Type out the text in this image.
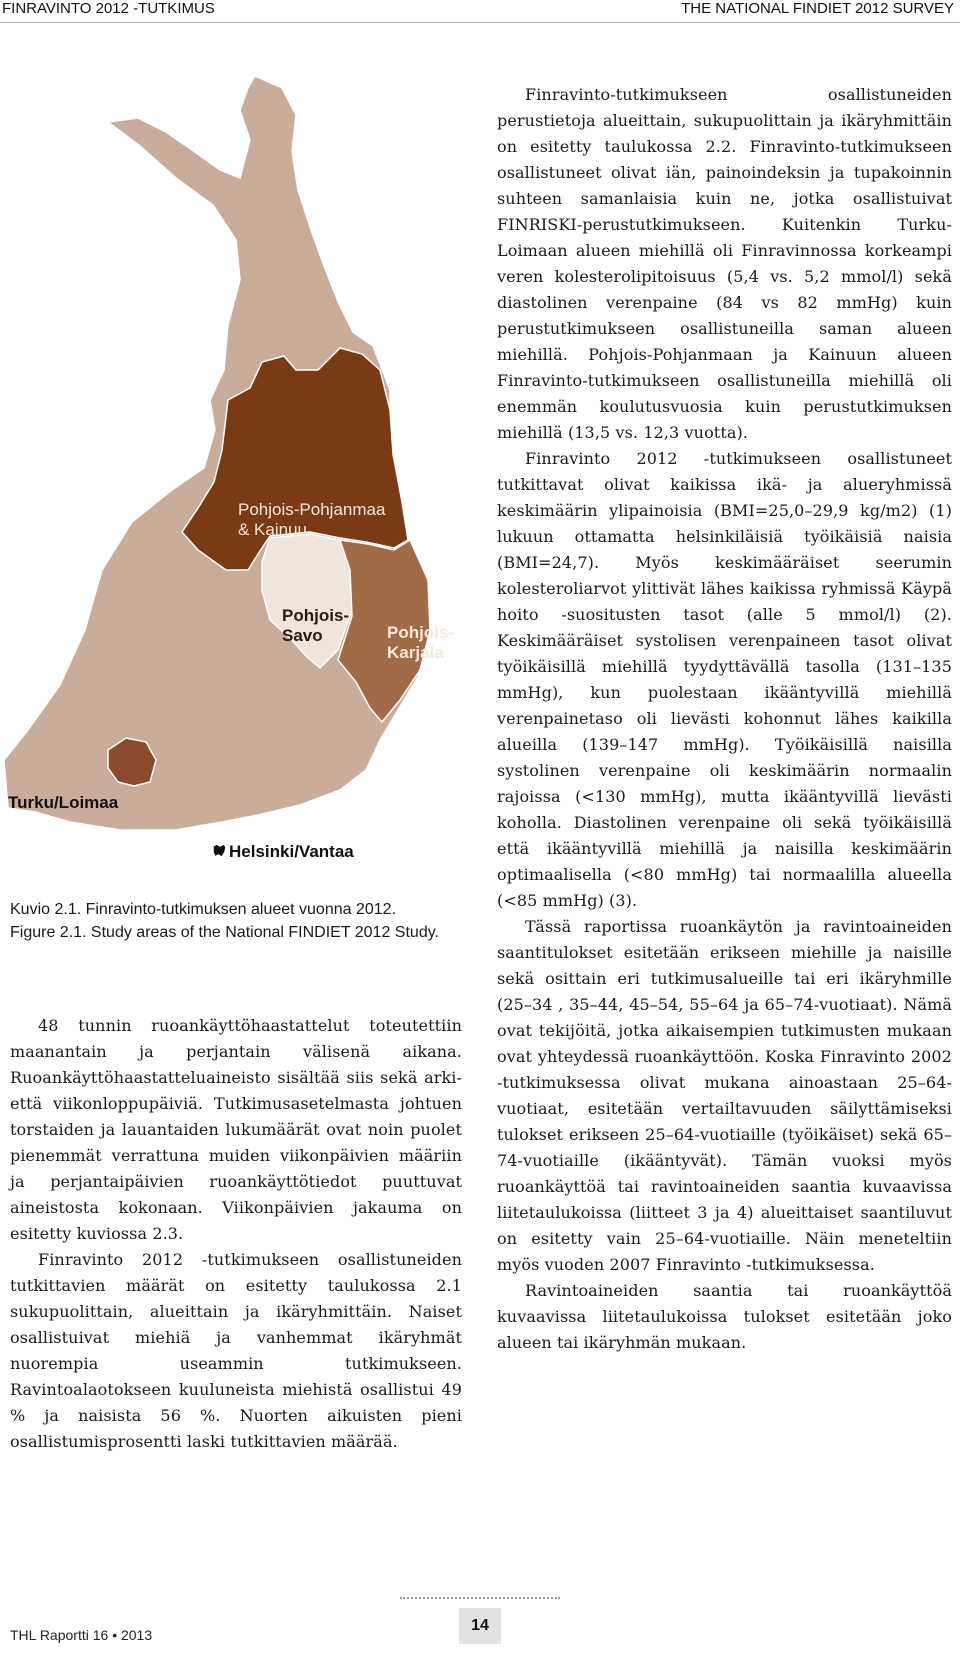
FINRAVINTO 2012 -TUTKIMUS	THE NATIONAL FINDIET 2012 SURVEY
Pohjois-Pohjanmaa
& Kainuu
Pohjois-
Savo	Pohjois-
Karjala
Turku/Loimaa
Helsinki/Vantaa

Kuvio 2.1. Finravinto-tutkimuksen alueet vuonna 2012.

Figure 2.1. Study areas of the National FINDIET 2012 Study.

48 tunnin ruoankäyttöhaastattelut toteutettiin maanantain ja perjantain välisenä aikana. Ruoankäyttöhaastatteluaineisto sisältää siis sekä arki- että viikonloppupäiviä. Tutkimusasetelmasta johtuen torstaiden ja lauantaiden lukumäärät ovat noin puolet pienemmät verrattuna muiden viikonpäivien määriin ja perjantaipäivien ruoankäyttötiedot puuttuvat aineistosta kokonaan. Viikonpäivien jakauma on esitetty kuviossa 2.3.

Finravinto 2012 -tutkimukseen osallistuneiden tutkittavien määrät on esitetty taulukossa 2.1 sukupuolittain, alueittain ja ikäryhmittäin. Naiset osallistuivat miehiä ja vanhemmat ikäryhmät nuorempia useammin tutkimukseen. Ravintoalaotokseen kuuluneista miehistä osallistui 49 % ja naisista 56 %. Nuorten aikuisten pieni osallistumisprosentti laski tutkittavien määrää.

Finravinto-tutkimukseen osallistuneiden perustietoja alueittain, sukupuolittain ja ikäryhmittäin on esitetty taulukossa 2.2. Finravinto-tutkimukseen osallistuneet olivat iän, painoindeksin ja tupakoinnin suhteen samanlaisia kuin ne, jotka osallistuivat FINRISKI-perustutkimukseen. Kuitenkin Turku-Loimaan alueen miehillä oli Finravinnossa korkeampi veren kolesterolipitoisuus (5,4 vs. 5,2 mmol/l) sekä diastolinen verenpaine (84 vs 82 mmHg) kuin perustutkimukseen osallistuneilla saman alueen miehillä. Pohjois-Pohjanmaan ja Kainuun alueen Finravinto-tutkimukseen osallistuneilla miehillä oli enemmän koulutusvuosia kuin perustutkimuksen miehillä (13,5 vs. 12,3 vuotta).

Finravinto 2012 -tutkimukseen osallistuneet tutkittavat olivat kaikissa ikä- ja alueryhmissä keskimäärin ylipainoisia (BMI=25,0–29,9 kg/m2) (1) lukuun ottamatta helsinkiläisiä työikäisiä naisia (BMI=24,7). Myös keskimääräiset seerumin kolesteroliarvot ylittivät lähes kaikissa ryhmissä Käypä hoito -suositusten tasot (alle 5 mmol/l) (2). Keskimääräiset systolisen verenpaineen tasot olivat työikäisillä miehillä tyydyttävällä tasolla (131–135 mmHg), kun puolestaan ikääntyvillä miehillä verenpainetaso oli lievästi kohonnut lähes kaikilla alueilla (139–147 mmHg). Työikäisillä naisilla systolinen verenpaine oli keskimäärin normaalin rajoissa (<130 mmHg), mutta ikääntyvillä lievästi koholla. Diastolinen verenpaine oli sekä työikäisillä että ikääntyvillä miehillä ja naisilla keskimäärin optimaalisella (<80 mmHg) tai normaalilla alueella (<85 mmHg) (3).

Tässä raportissa ruoankäytön ja ravintoaineiden saantitulokset esitetään erikseen miehille ja naisille sekä osittain eri tutkimusalueille tai eri ikäryhmille (25–34 , 35–44, 45–54, 55–64 ja 65–74-vuotiaat). Nämä ovat tekijöitä, jotka aikaisempien tutkimusten mukaan ovat yhteydessä ruoankäyttöön. Koska Finravinto 2002 -tutkimuksessa olivat mukana ainoastaan 25–64-vuotiaat, esitetään vertailtavuuden säilyttämiseksi tulokset erikseen 25–64-vuotiaille (työikäiset) sekä 65–74-vuotiaille (ikääntyvät). Tämän vuoksi myös ruoankäyttöä tai ravintoaineiden saantia kuvaavissa liitetaulukoissa (liitteet 3 ja 4) alueittaiset saantiluvut on esitetty vain 25–64-vuotiaille. Näin meneteltiin myös vuoden 2007 Finravinto -tutkimuksessa.

Ravintoaineiden saantia tai ruoankäyttöä kuvaavissa liitetaulukoissa tulokset esitetään joko alueen tai ikäryhmän mukaan.

THL Raportti 16 • 2013
14
